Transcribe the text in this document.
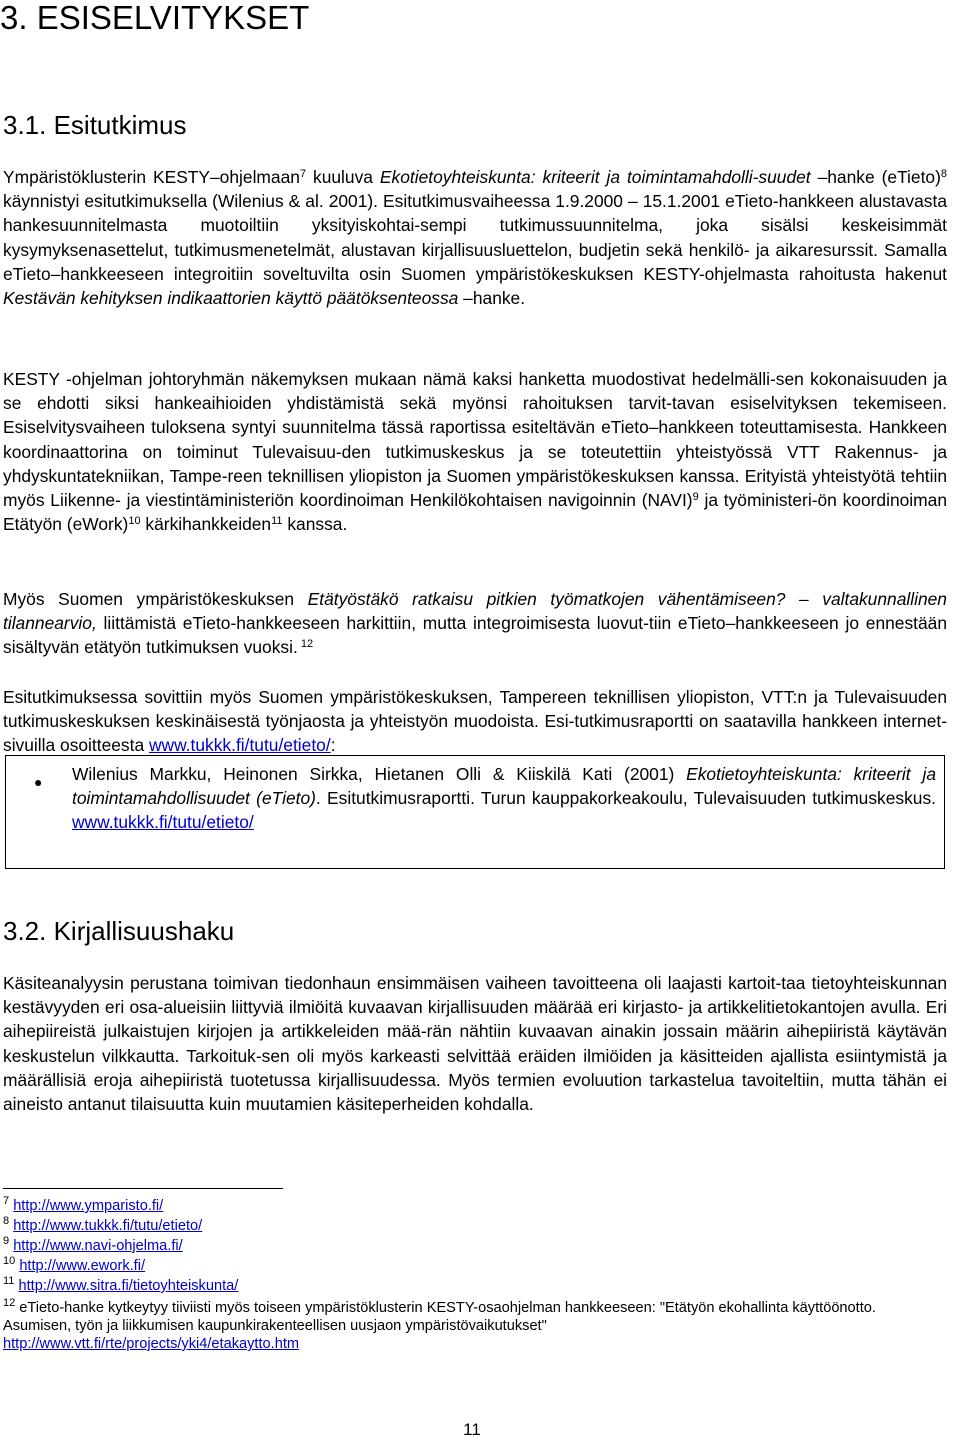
3. ESISELVITYKSET
3.1. Esitutkimus

Ympäristöklusterin KESTY–ohjelmaan$^7$ kuuluva Ekotietoyhteiskunta: kriteerit ja toimintamahdolli-suudet –hanke (eTieto)$^8$ käynnistyi esitutkimuksella (Wilenius & al. 2001). Esitutkimusvaiheessa 1.9.2000 – 15.1.2001 eTieto-hankkeen alustavasta hankesuunnitelmasta muotoiltiin yksityiskohtai-sempi tutkimussuunnitelma, joka sisälsi keskeisimmät kysymyksenasettelut, tutkimusmenetelmät, alustavan kirjallisuusluettelon, budjetin sekä henkilö- ja aikaresurssit. Samalla eTieto–hankkeeseen integroitiin soveltuvilta osin Suomen ympäristökeskuksen KESTY-ohjelmasta rahoitusta hakenut Kestävän kehityksen indikaattorien käyttö päätöksenteossa –hanke.

KESTY -ohjelman johtoryhmän näkemyksen mukaan nämä kaksi hanketta muodostivat hedelmälli-sen kokonaisuuden ja se ehdotti siksi hankeaihioiden yhdistämistä sekä myönsi rahoituksen tarvit-tavan esiselvityksen tekemiseen. Esiselvitysvaiheen tuloksena syntyi suunnitelma tässä raportissa esiteltävän eTieto–hankkeen toteuttamisesta. Hankkeen koordinaattorina on toiminut Tulevaisuu-den tutkimuskeskus ja se toteutettiin yhteistyössä VTT Rakennus- ja yhdyskuntatekniikan, Tampe-reen teknillisen yliopiston ja Suomen ympäristökeskuksen kanssa. Erityistä yhteistyötä tehtiin myös Liikenne- ja viestintäministeriön koordinoiman Henkilökohtaisen navigoinnin (NAVI)$^9$ ja työministeri-ön koordinoiman Etätyön (eWork)$^{10}$ kärkihankkeiden$^{11}$ kanssa.

Myös Suomen ympäristökeskuksen Etätyöstäkö ratkaisu pitkien työmatkojen vähentämiseen? – valtakunnallinen tilannearvio, liittämistä eTieto-hankkeeseen harkittiin, mutta integroimisesta luovut-tiin eTieto–hankkeeseen jo ennestään sisältyvän etätyön tutkimuksen vuoksi. $^{12}$

Esitutkimuksessa sovittiin myös Suomen ympäristökeskuksen, Tampereen teknillisen yliopiston, VTT:n ja Tulevaisuuden tutkimuskeskuksen keskinäisestä työnjaosta ja yhteistyön muodoista. Esi-tutkimusraportti on saatavilla hankkeen internet-sivuilla osoitteesta www.tukkk.fi/tutu/etieto/:

● Wilenius Markku, Heinonen Sirkka, Hietanen Olli & Kiiskilä Kati (2001) Ekotietoyhteiskunta: kriteerit ja toimintamahdollisuudet (eTieto). Esitutkimusraportti. Turun kauppakorkeakoulu, Tulevaisuuden tutkimuskeskus. www.tukkk.fi/tutu/etieto/

3.2. Kirjallisuushaku

Käsiteanalyysin perustana toimivan tiedonhaun ensimmäisen vaiheen tavoitteena oli laajasti kartoit-taa tietoyhteiskunnan kestävyyden eri osa-alueisiin liittyviä ilmiöitä kuvaavan kirjallisuuden määrää eri kirjasto- ja artikkelitietokantojen avulla. Eri aihepiireistä julkaistujen kirjojen ja artikkeleiden mää-rän nähtiin kuvaavan ainakin jossain määrin aihepiiristä käytävän keskustelun vilkkautta. Tarkoituk-sen oli myös karkeasti selvittää eräiden ilmiöiden ja käsitteiden ajallista esiintymistä ja määrällisiä eroja aihepiiristä tuotetussa kirjallisuudessa. Myös termien evoluution tarkastelua tavoiteltiin, mutta tähän ei aineisto antanut tilaisuutta kuin muutamien käsiteperheiden kohdalla.

$^7$ http://www.ymparisto.fi/

$^8$ http://www.tukkk.fi/tutu/etieto/

$^9$ http://www.navi-ohjelma.fi/

$^{10}$ http://www.ework.fi/

$^{11}$ http://www.sitra.fi/tietoyhteiskunta/

$^{12}$ eTieto-hanke kytkeytyy tiiviisti myös toiseen ympäristöklusterin KESTY-osaohjelman hankkeeseen: "Etätyön ekohallinta käyttöönotto. Asumisen, työn ja liikkumisen kaupunkirakenteellisen uusjaon ympäristövaikutukset"
http://www.vtt.fi/rte/projects/yki4/etakaytto.htm

11
